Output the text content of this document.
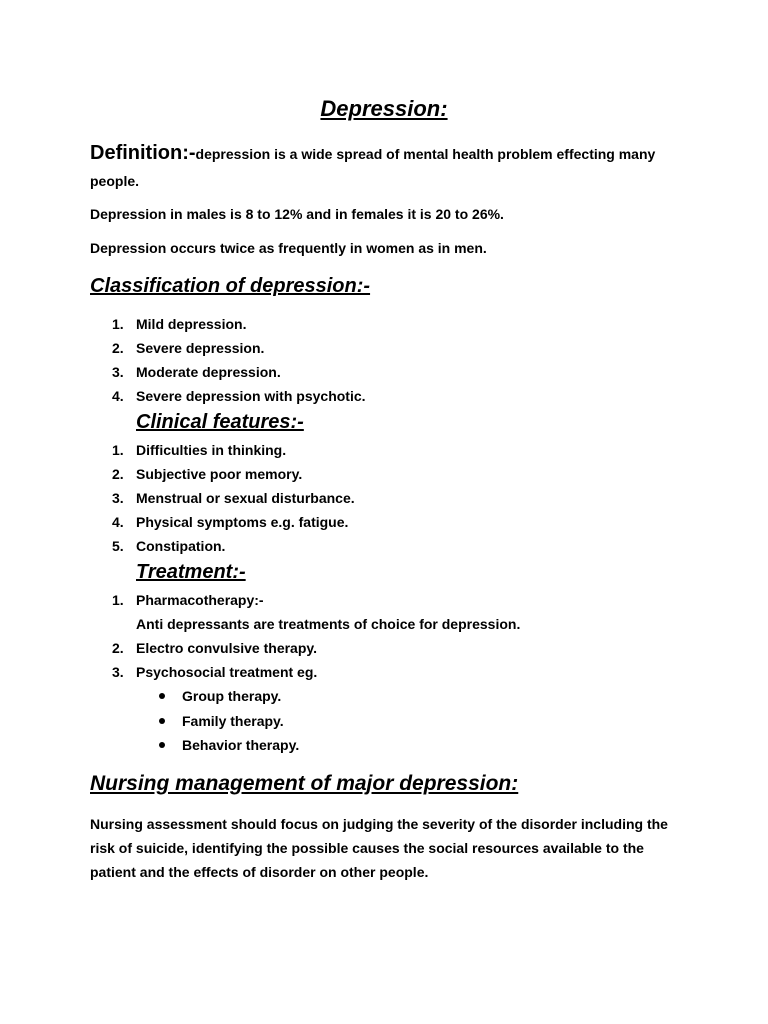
Depression:
Definition:-depression is a wide spread of mental health problem effecting many people.
Depression in males is 8 to 12% and in females it is 20 to 26%.
Depression occurs twice as frequently in women as in men.
Classification of depression:-
1. Mild depression.
2. Severe depression.
3. Moderate depression.
4. Severe depression with psychotic.
Clinical features:-
1. Difficulties in thinking.
2. Subjective poor memory.
3. Menstrual or sexual disturbance.
4. Physical symptoms e.g. fatigue.
5. Constipation.
Treatment:-
1. Pharmacotherapy:-
Anti depressants are treatments of choice for depression.
2. Electro convulsive therapy.
3. Psychosocial treatment eg.
Group therapy.
Family therapy.
Behavior therapy.
Nursing management of major depression:
Nursing assessment should focus on judging the severity of the disorder including the risk of suicide, identifying the possible causes the social resources available to the patient and the effects of disorder on other people.
